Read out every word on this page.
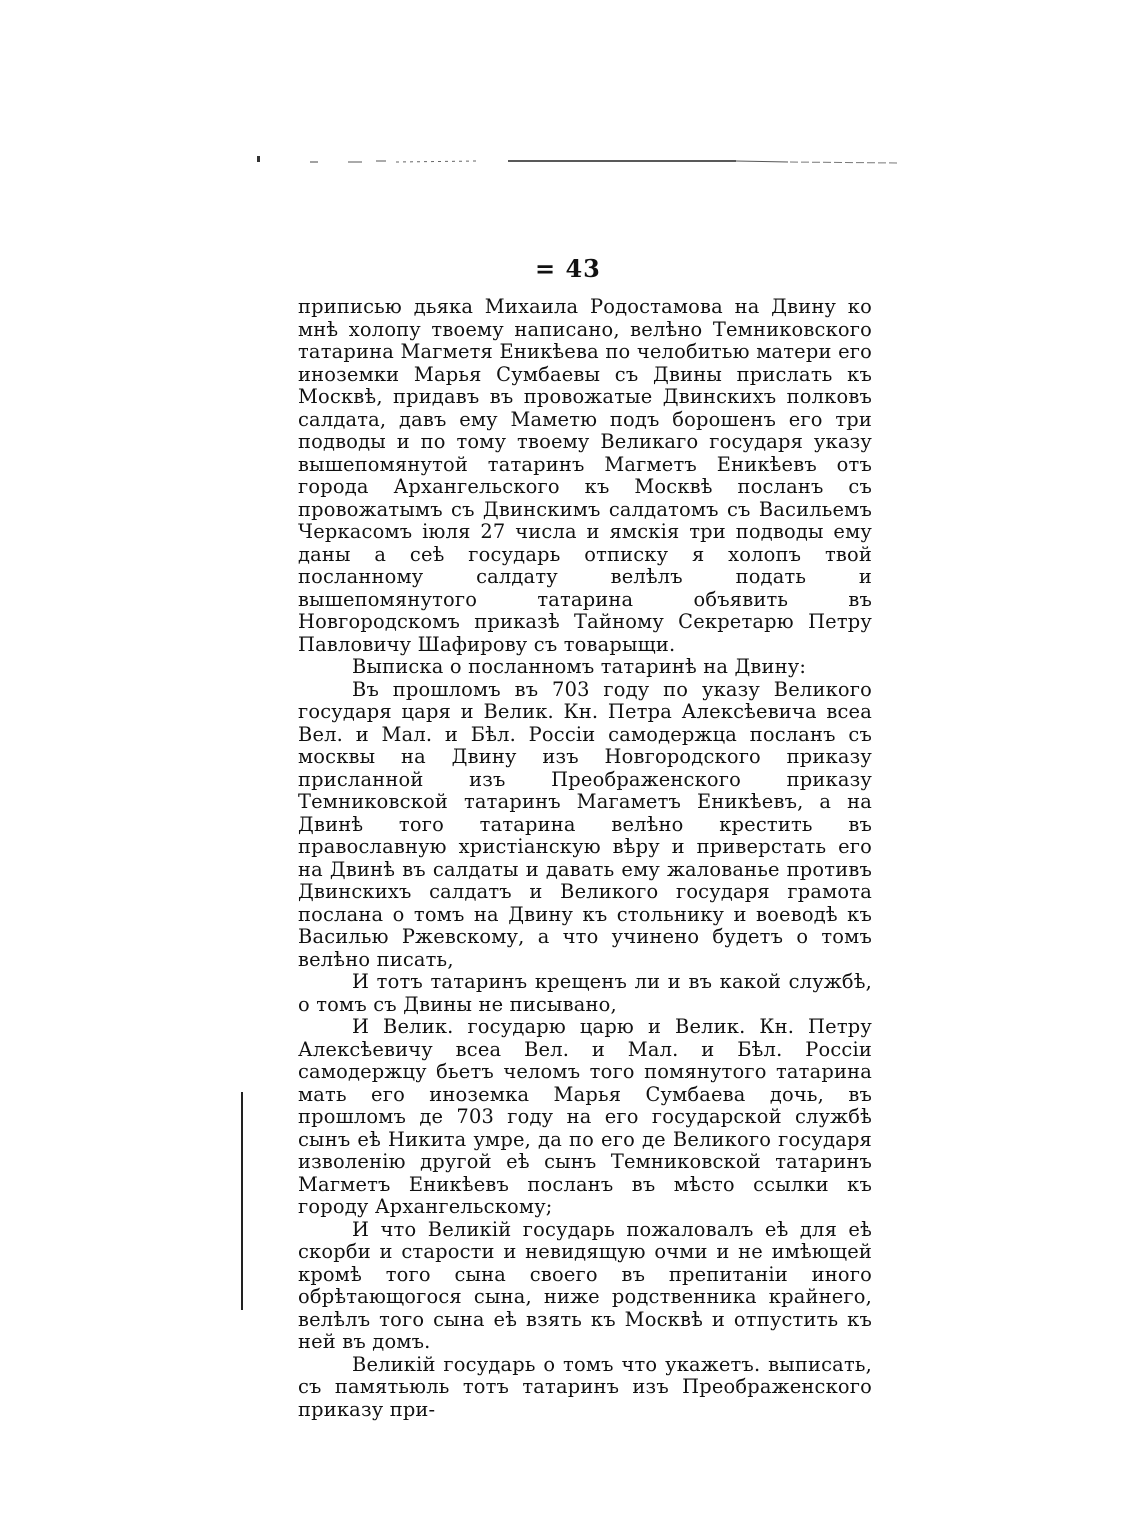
= 43

приписью дьяка Михаила Родостамова на Двину ко мнѣ холопу твоему написано, велѣно Темниковского татарина Магметя Еникѣева по челобитью матери его иноземки Марья Сумбаевы съ Двины прислать къ Москвѣ, придавъ въ провожатые Двинскихъ полковъ салдата, давъ ему Маметю подъ борошенъ его три подводы и по тому твоему Великаго государя указу вышепомянутой татаринъ Магметъ Еникѣевъ отъ города Архангельского къ Москвѣ посланъ съ провожатымъ съ Двинскимъ салдатомъ съ Васильемъ Черкасомъ іюля 27 числа и ямскія три подводы ему даны а сеѣ государь отписку я холопъ твой посланному салдату велѣлъ подать и вышепомянутого татарина объявить въ Новгородскомъ приказѣ Тайному Секретарю Петру Павловичу Шафирову съ товарыщи.

Выписка о посланномъ татаринѣ на Двину:

Въ прошломъ въ 703 году по указу Великого государя царя и Велик. Кн. Петра Алексѣевича всеа Вел. и Мал. и Бѣл. Россіи самодержца посланъ съ москвы на Двину изъ Новгородского приказу присланной изъ Преображенского приказу Темниковской татаринъ Магаметъ Еникѣевъ, а на Двинѣ того татарина велѣно крестить въ православную христіанскую вѣру и приверстать его на Двинѣ въ салдаты и давать ему жалованье противъ Двинскихъ салдатъ и Великого государя грамота послана о томъ на Двину къ стольнику и воеводѣ къ Василью Ржевскому, а что учинено будетъ о томъ велѣно писать,

И тотъ татаринъ крещенъ ли и въ какой службѣ, о томъ съ Двины не писывано,

И Велик. государю царю и Велик. Кн. Петру Алексѣевичу всеа Вел. и Мал. и Бѣл. Россіи самодержцу бьетъ челомъ того помянутого татарина мать его иноземка Марья Сумбаева дочь, въ прошломъ де 703 году на его государской службѣ сынъ еѣ Никита умре, да по его де Великого государя изволенію другой еѣ сынъ Темниковской татаринъ Магметъ Еникѣевъ посланъ въ мѣсто ссылки къ городу Архангельскому;

И что Великій государь пожаловалъ еѣ для еѣ скорби и старости и невидящую очми и не имѣющей кромѣ того сына своего въ препитаніи иного обрѣтающогося сына, ниже родственника крайнего, велѣлъ того сына еѣ взять къ Москвѣ и отпустить къ ней въ домъ.

Великій государь о томъ что укажетъ. выписать, съ памятьюль тотъ татаринъ изъ Преображенского приказу при-
